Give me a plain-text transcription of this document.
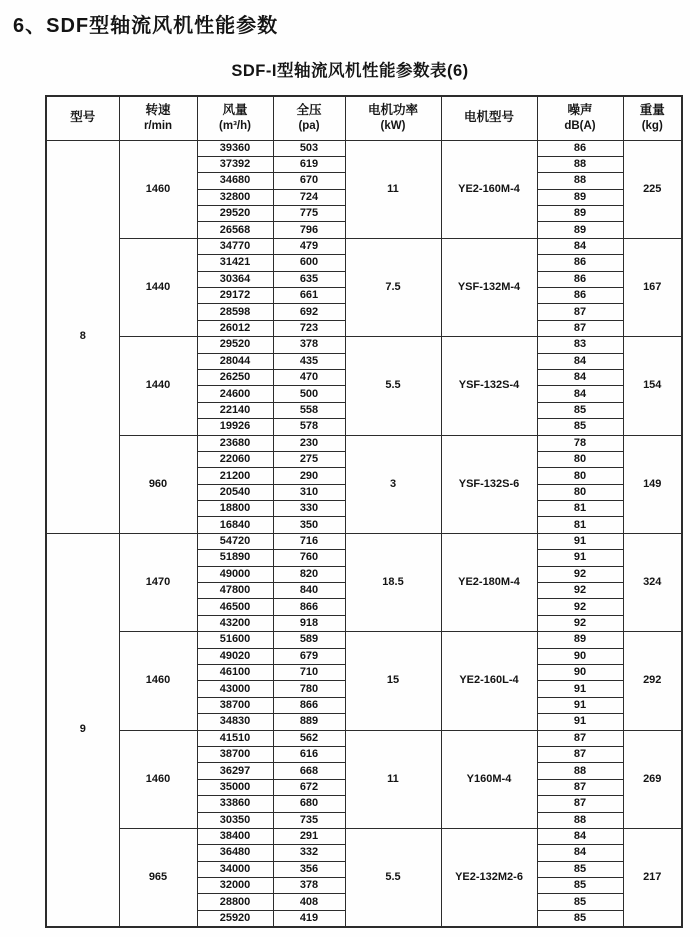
6、SDF型轴流风机性能参数
SDF-I型轴流风机性能参数表(6)
型号

转速
r/min

风量
(m³/h)

全压
(pa)

电机功率
(kW)

电机型号

噪声
dB(A)

重量
(kg)

8	1460	39360	503	11	YE2-160M-4	86	225
		37392	619			88	
		34680	670			88	
		32800	724			89	
		29520	775			89	
		26568	796			89	
	1440	34770	479	7.5	YSF-132M-4	84	167
		31421	600			86	
		30364	635			86	
		29172	661			86	
		28598	692			87	
		26012	723			87	
	1440	29520	378	5.5	YSF-132S-4	83	154
		28044	435			84	
		26250	470			84	
		24600	500			84	
		22140	558			85	
		19926	578			85	
	960	23680	230	3	YSF-132S-6	78	149
		22060	275			80	
		21200	290			80	
		20540	310			80	
		18800	330			81	
		16840	350			81	
9	1470	54720	716	18.5	YE2-180M-4	91	324
		51890	760			91	
		49000	820			92	
		47800	840			92	
		46500	866			92	
		43200	918			92	
	1460	51600	589	15	YE2-160L-4	89	292
		49020	679			90	
		46100	710			90	
		43000	780			91	
		38700	866			91	
		34830	889			91	
	1460	41510	562	11	Y160M-4	87	269
		38700	616			87	
		36297	668			88	
		35000	672			87	
		33860	680			87	
		30350	735			88	
	965	38400	291	5.5	YE2-132M2-6	84	217
		36480	332			84	
		34000	356			85	
		32000	378			85	
		28800	408			85	
		25920	419			85	
